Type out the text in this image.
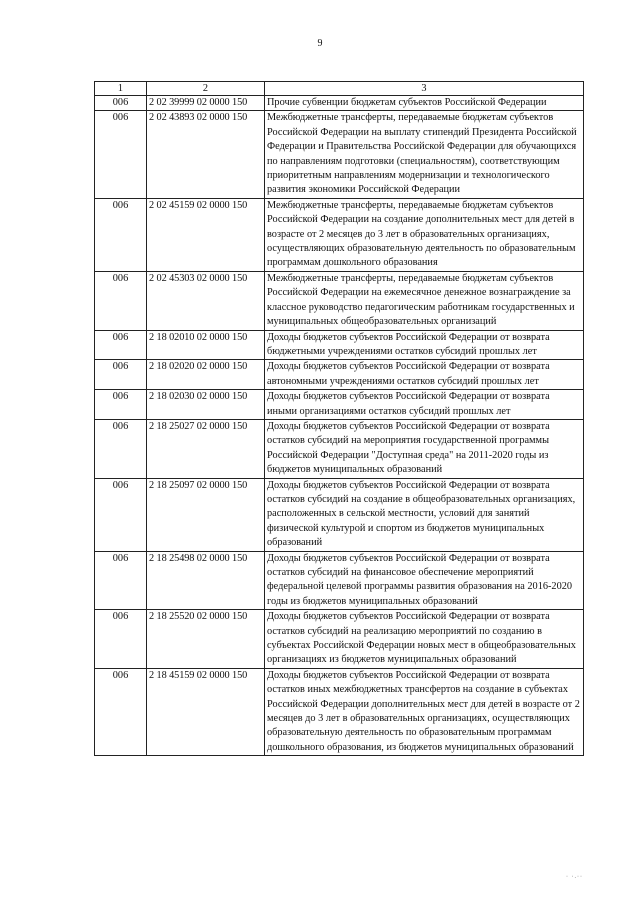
9
1	2	3
006	2 02 39999 02 0000 150	Прочие субвенции бюджетам субъектов Российской Федерации
006	2 02 43893 02 0000 150	Межбюджетные трансферты, передаваемые бюджетам субъектов Российской Федерации на выплату стипендий Президента Российской Федерации и Правительства Российской Федерации для обучающихся по направлениям подготовки (специальностям), соответствующим приоритетным направлениям модернизации и технологического развития экономики Российской Федерации
006	2 02 45159 02 0000 150	Межбюджетные трансферты, передаваемые бюджетам субъектов Российской Федерации на создание дополнительных мест для детей в возрасте от 2 месяцев до 3 лет в образовательных организациях, осуществляющих образовательную деятельность по образовательным программам дошкольного образования
006	2 02 45303 02 0000 150	Межбюджетные трансферты, передаваемые бюджетам субъектов Российской Федерации на ежемесячное денежное вознаграждение за классное руководство педагогическим работникам государственных и муниципальных общеобразовательных организаций
006	2 18 02010 02 0000 150	Доходы бюджетов субъектов Российской Федерации от возврата бюджетными учреждениями остатков субсидий прошлых лет
006	2 18 02020 02 0000 150	Доходы бюджетов субъектов Российской Федерации от возврата автономными учреждениями остатков субсидий прошлых лет
006	2 18 02030 02 0000 150	Доходы бюджетов субъектов Российской Федерации от возврата иными организациями остатков субсидий прошлых лет
006	2 18 25027 02 0000 150	Доходы бюджетов субъектов Российской Федерации от возврата остатков субсидий на мероприятия государственной программы Российской Федерации "Доступная среда" на 2011-2020 годы из бюджетов муниципальных образований
006	2 18 25097 02 0000 150	Доходы бюджетов субъектов Российской Федерации от возврата остатков субсидий на создание в общеобразовательных организациях, расположенных в сельской местности, условий для занятий физической культурой и спортом из бюджетов муниципальных образований
006	2 18 25498 02 0000 150	Доходы бюджетов субъектов Российской Федерации от возврата остатков субсидий на финансовое обеспечение мероприятий федеральной целевой программы развития образования на 2016-2020 годы из бюджетов муниципальных образований
006	2 18 25520 02 0000 150	Доходы бюджетов субъектов Российской Федерации от возврата остатков субсидий на реализацию мероприятий по созданию в субъектах Российской Федерации новых мест в общеобразовательных организациях из бюджетов муниципальных образований
006	2 18 45159 02 0000 150	Доходы бюджетов субъектов Российской Федерации от возврата остатков иных межбюджетных трансфертов на создание в субъектах Российской Федерации дополнительных мест для детей в возрасте от 2 месяцев до 3 лет в образовательных организациях, осуществляющих образовательную деятельность по образовательным программам дошкольного образования, из бюджетов муниципальных образований
· ·.··
